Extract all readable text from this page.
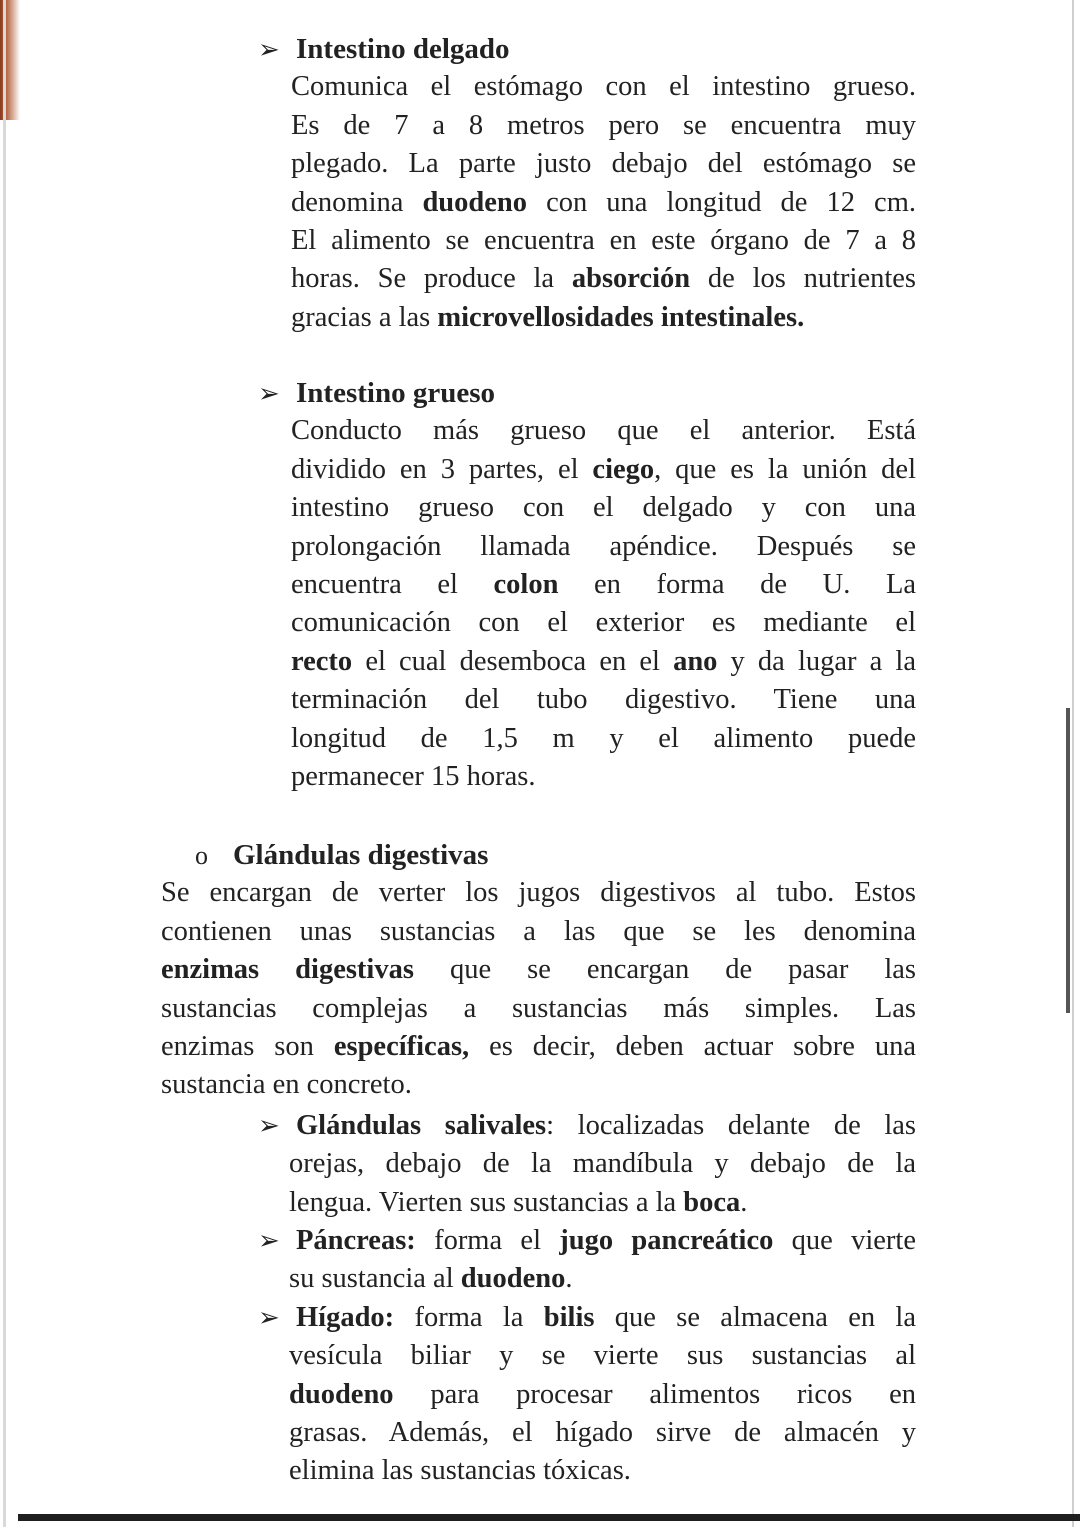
➢ Intestino delgado
Comunica el estómago con el intestino grueso.
Es de 7 a 8 metros pero se encuentra muy
plegado. La parte justo debajo del estómago se
denomina duodeno con una longitud de 12 cm.
El alimento se encuentra en este órgano de 7 a 8
horas. Se produce la absorción de los nutrientes
gracias a las microvellosidades intestinales.
➢ Intestino grueso
Conducto más grueso que el anterior. Está
dividido en 3 partes, el ciego, que es la unión del
intestino grueso con el delgado y con una
prolongación llamada apéndice. Después se
encuentra el colon en forma de U. La
comunicación con el exterior es mediante el
recto el cual desemboca en el ano y da lugar a la
terminación del tubo digestivo. Tiene una
longitud de 1,5 m y el alimento puede
permanecer 15 horas.
o Glándulas digestivas
Se encargan de verter los jugos digestivos al tubo. Estos
contienen unas sustancias a las que se les denomina
enzimas digestivas que se encargan de pasar las
sustancias complejas a sustancias más simples. Las
enzimas son específicas, es decir, deben actuar sobre una
sustancia en concreto.
➢ Glándulas salivales: localizadas delante de las
orejas, debajo de la mandíbula y debajo de la
lengua. Vierten sus sustancias a la boca.
➢ Páncreas: forma el jugo pancreático que vierte
su sustancia al duodeno.
➢ Hígado: forma la bilis que se almacena en la
vesícula biliar y se vierte sus sustancias al
duodeno para procesar alimentos ricos en
grasas. Además, el hígado sirve de almacén y
elimina las sustancias tóxicas.
